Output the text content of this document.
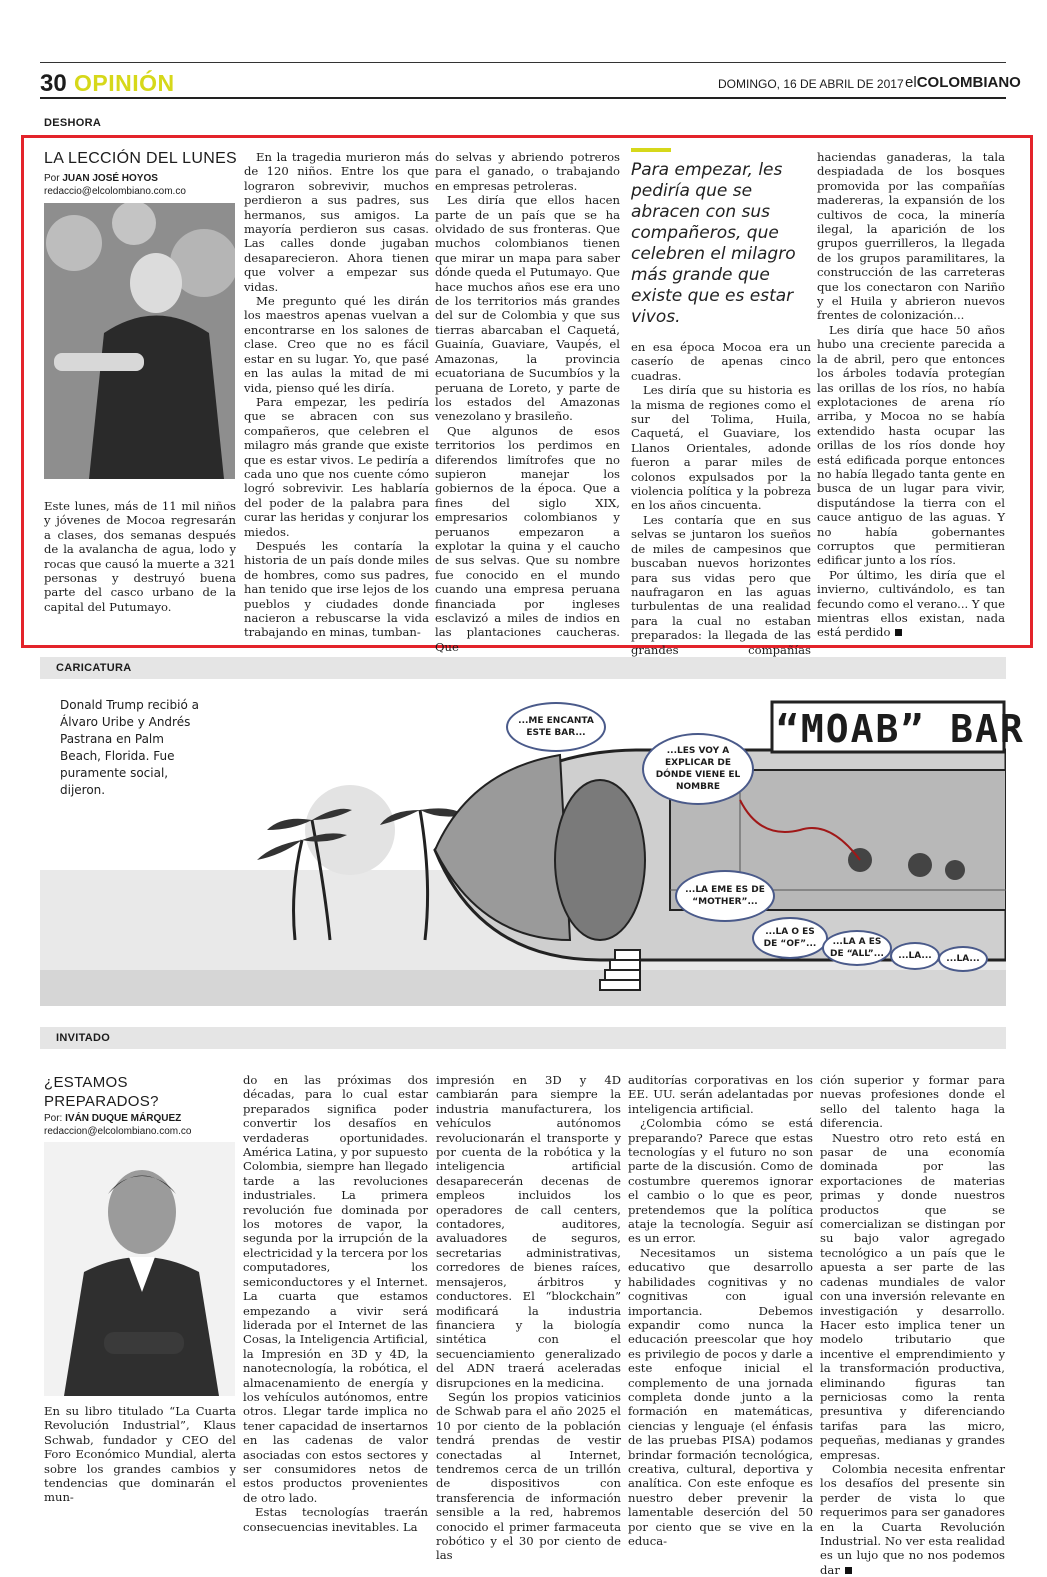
30 OPINIÓN	DOMINGO, 16 DE ABRIL DE 2017 elCOLOMBIANO
DESHORA
LA LECCIÓN DEL LUNES
Por JUAN JOSÉ HOYOS
redaccio@elcolombiano.com.co

Este lunes, más de 11 mil niños y jóvenes de Mocoa regresarán a clases, dos semanas después de la avalancha de agua, lodo y rocas que causó la muerte a 321 personas y destruyó buena parte del casco urbano de la capital del Putumayo.

En la tragedia murieron más de 120 niños. Entre los que lograron sobrevivir, muchos perdieron a sus padres, sus hermanos, sus amigos. La mayoría perdieron sus casas. Las calles donde jugaban desaparecieron. Ahora tienen que volver a empezar sus vidas.

Me pregunto qué les dirán los maestros apenas vuelvan a encontrarse en los salones de clase. Creo que no es fácil estar en su lugar. Yo, que pasé en las aulas la mitad de mi vida, pienso qué les diría.

Para empezar, les pediría que se abracen con sus compañeros, que celebren el milagro más grande que existe que es estar vivos. Le pediría a cada uno que nos cuente cómo logró sobrevivir. Les hablaría del poder de la palabra para curar las heridas y conjurar los miedos.

Después les contaría la historia de un país donde miles de hombres, como sus padres, han tenido que irse lejos de los pueblos y ciudades donde nacieron a rebuscarse la vida trabajando en minas, tumban-

do selvas y abriendo potreros para el ganado, o trabajando en empresas petroleras.

Les diría que ellos hacen parte de un país que se ha olvidado de sus fronteras. Que muchos colombianos tienen que mirar un mapa para saber dónde queda el Putumayo. Que hace muchos años ese era uno de los territorios más grandes del sur de Colombia y que sus tierras abarcaban el Caquetá, Guainía, Guaviare, Vaupés, el Amazonas, la provincia ecuatoriana de Sucumbíos y la peruana de Loreto, y parte de los estados del Amazonas venezolano y brasileño.

Que algunos de esos territorios los perdimos en diferendos limítrofes que no supieron manejar los gobiernos de la época. Que a fines del siglo XIX, empresarios colombianos y peruanos empezaron a explotar la quina y el caucho de sus selvas. Que su nombre fue conocido en el mundo cuando una empresa peruana financiada por ingleses esclavizó a miles de indios en las plantaciones caucheras. Que

Para empezar, les pediría que se abracen con sus compañeros, que celebren el milagro más grande que existe que es estar vivos.

en esa época Mocoa era un caserío de apenas cinco cuadras.

Les diría que su historia es la misma de regiones como el sur del Tolima, Huila, Caquetá, el Guaviare, los Llanos Orientales, adonde fueron a parar miles de colonos expulsados por la violencia política y la pobreza en los años cincuenta.

Les contaría que en sus selvas se juntaron los sueños de miles de campesinos que buscaban nuevos horizontes para sus vidas pero que naufragaron en las aguas turbulentas de una realidad para la cual no estaban preparados: la llegada de las grandes compañías

haciendas ganaderas, la tala despiadada de los bosques promovida por las compañías madereras, la expansión de los cultivos de coca, la minería ilegal, la aparición de los grupos guerrilleros, la llegada de los grupos paramilitares, la construcción de las carreteras que los conectaron con Nariño y el Huila y abrieron nuevos frentes de colonización...

Les diría que hace 50 años hubo una creciente parecida a la de abril, pero que entonces los árboles todavía protegían las orillas de los ríos, no había explotaciones de arena río arriba, y Mocoa no se había extendido hasta ocupar las orillas de los ríos donde hoy está edificada porque entonces no había llegado tanta gente en busca de un lugar para vivir, disputándose la tierra con el cauce antiguo de las aguas. Y no había gobernantes corruptos que permitieran edificar junto a los ríos.

Por último, les diría que el invierno, cultivándolo, es tan fecundo como el verano... Y que mientras ellos existan, nada está perdido

CARICATURA
“MOAB” BAR
Donald Trump recibió a Álvaro Uribe y Andrés Pastrana en Palm Beach, Florida. Fue puramente social, dijeron.
...ME ENCANTA ESTE BAR...
...LES VOY A EXPLICAR DE DÓNDE VIENE EL NOMBRE
...LA EME ES DE “MOTHER”...
...LA O ES DE “OF”...	...LA A ES DE “ALL”...	...LA...	...LA...
INVITADO
¿ESTAMOS PREPARADOS?
Por: IVÁN DUQUE MÁRQUEZ
redaccion@elcolombiano.com.co

En su libro titulado “La Cuarta Revolución Industrial”, Klaus Schwab, fundador y CEO del Foro Económico Mundial, alerta sobre los grandes cambios y tendencias que dominarán el mun-

do en las próximas dos décadas, para lo cual estar preparados significa poder convertir los desafíos en verdaderas oportunidades. América Latina, y por supuesto Colombia, siempre han llegado tarde a las revoluciones industriales. La primera revolución fue dominada por los motores de vapor, la segunda por la irrupción de la electricidad y la tercera por los computadores, los semiconductores y el Internet. La cuarta que estamos empezando a vivir será liderada por el Internet de las Cosas, la Inteligencia Artificial, la Impresión en 3D y 4D, la nanotecnología, la robótica, el almacenamiento de energía y los vehículos autónomos, entre otros. Llegar tarde implica no tener capacidad de insertarnos en las cadenas de valor asociadas con estos sectores y ser consumidores netos de estos productos provenientes de otro lado.

Estas tecnologías traerán consecuencias inevitables. La

impresión en 3D y 4D cambiarán para siempre la industria manufacturera, los vehículos autónomos revolucionarán el transporte y por cuenta de la robótica y la inteligencia artificial desaparecerán decenas de empleos incluidos los operadores de call centers, contadores, auditores, avaluadores de seguros, secretarias administrativas, corredores de bienes raíces, mensajeros, árbitros y conductores. El “blockchain” modificará la industria financiera y la biología sintética con el secuenciamiento generalizado del ADN traerá aceleradas disrupciones en la medicina.

Según los propios vaticinios de Schwab para el año 2025 el 10 por ciento de la población tendrá prendas de vestir conectadas al Internet, tendremos cerca de un trillón de dispositivos con transferencia de información sensible a la red, habremos conocido el primer farmaceuta robótico y el 30 por ciento de las

auditorías corporativas en los EE. UU. serán adelantadas por inteligencia artificial.

¿Colombia cómo se está preparando? Parece que estas tecnologías y el futuro no son parte de la discusión. Como de costumbre queremos ignorar el cambio o lo que es peor, pretendemos que la política ataje la tecnología. Seguir así es un error.

Necesitamos un sistema educativo que desarrollo habilidades cognitivas y no cognitivas con igual importancia. Debemos expandir como nunca la educación preescolar que hoy es privilegio de pocos y darle a este enfoque inicial el complemento de una jornada completa donde junto a la formación en matemáticas, ciencias y lenguaje (el énfasis de las pruebas PISA) podamos brindar formación tecnológica, creativa, cultural, deportiva y analítica. Con este enfoque es nuestro deber prevenir la lamentable deserción del 50 por ciento que se vive en la educa-

ción superior y formar para nuevas profesiones donde el sello del talento haga la diferencia.

Nuestro otro reto está en pasar de una economía dominada por las exportaciones de materias primas y donde nuestros productos que se comercializan se distingan por su bajo valor agregado tecnológico a un país que le apuesta a ser parte de las cadenas mundiales de valor con una inversión relevante en investigación y desarrollo. Hacer esto implica tener un modelo tributario que incentive el emprendimiento y la transformación productiva, eliminando figuras tan perniciosas como la renta presuntiva y diferenciando tarifas para las micro, pequeñas, medianas y grandes empresas.

Colombia necesita enfrentar los desafíos del presente sin perder de vista lo que requerimos para ser ganadores en la Cuarta Revolución Industrial. No ver esta realidad es un lujo que no nos podemos dar
